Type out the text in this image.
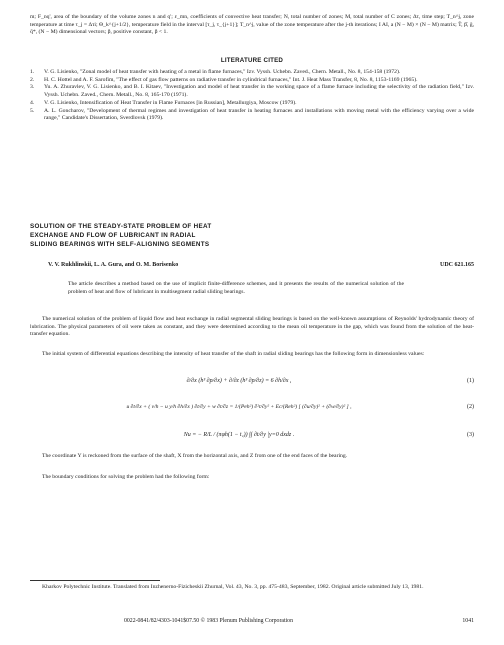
m; F_nq', area of the boundary of the volume zones n and q'; ε_mn, coefficients of convective heat transfer; N, total number of zones; M, total number of C zones; Δτ, time step; T_n^j, zone temperature at time τ_j = Δτi; Θ_k^{j+1/2}, temperature field in the interval [τ_j, τ_{j+1}]; T_n^j, value of the zone temperature after the j-th iterations; I AI, a (N − M) × (N − M) matrix; T̄, β̄, ḡ, q̄*, (N − M) dimensional vectors; β, positive constant, β < 1.
LITERATURE CITED
1. V. G. Lisienko, "Zonal model of heat transfer with heating of a metal in flame furnaces," Izv. Vyssh. Uchebn. Zaved., Chern. Metall., No. 8, 154-158 (1972).
2. H. C. Hottel and A. F. Sarofim, "The effect of gas flow patterns on radiative transfer in cylindrical furnaces," Int. J. Heat Mass Transfer, 8, No. 8, 1153-1169 (1965).
3. Yu. A. Zhuravlev, V. G. Lisienko, and B. I. Kitaev, "Investigation and model of heat transfer in the working space of a flame furnace including the selectivity of the radiation field," Izv. Vyssh. Uchebn. Zaved., Chern. Metall., No. 8, 165-170 (1971).
4. V. G. Lisienko, Intensification of Heat Transfer in Flame Furnaces [in Russian], Metallurgiya, Moscow (1979).
5. A. L. Goncharov, "Development of thermal regimes and investigation of heat transfer in heating furnaces and installations with moving metal with the efficiency varying over a wide range," Candidate's Dissertation, Sverdlovsk (1979).
SOLUTION OF THE STEADY-STATE PROBLEM OF HEAT
EXCHANGE AND FLOW OF LUBRICANT IN RADIAL
SLIDING BEARINGS WITH SELF-ALIGNING SEGMENTS
V. V. Rukhlinskii, L. A. Gura, and O. M. Borisenko	UDC 621.165
The article describes a method based on the use of implicit finite-difference schemes, and it presents the results of the numerical solution of the problem of heat and flow of lubricant in multisegment radial sliding bearings.
The numerical solution of the problem of liquid flow and heat exchange in radial segmental sliding bearings is based on the well-known assumptions of Reynolds' hydrodynamic theory of lubrication. The physical parameters of oil were taken as constant, and they were determined according to the mean oil temperature in the gap, which was found from the solution of the heat-transfer equation.
The initial system of differential equations describing the intensity of heat transfer of the shaft in radial sliding bearings has the following form in dimensionless values:
∂/∂x (h³ ∂p/∂x) + ∂/∂z (h³ ∂p/∂z) = 6 ∂h/∂x ,	(1)
u ∂t/∂x + ( v/h − u y/h ∂h/∂x ) ∂t/∂y + w ∂t/∂z = 1/(Peh²) ∂²t/∂y² + Ec/(Reh²) [ (∂u/∂y)² + (∂w/∂y)² ] ,	(2)
Nu = − R/L / (πφh(1 − t₁)) ∫∫ ∂t/∂y |y=0 dxdz .	(3)
The coordinate Y is reckoned from the surface of the shaft, X from the horizontal axis, and Z from one of the end faces of the bearing.
The boundary conditions for solving the problem had the following form:
Kharkov Polytechnic Institute. Translated from Inzhenerno-Fizicheskii Zhurnal, Vol. 43, No. 3, pp. 475-483, September, 1982. Original article submitted July 13, 1981.
0022-0841/82/4303-1041$07.50 © 1983 Plenum Publishing Corporation	1041
